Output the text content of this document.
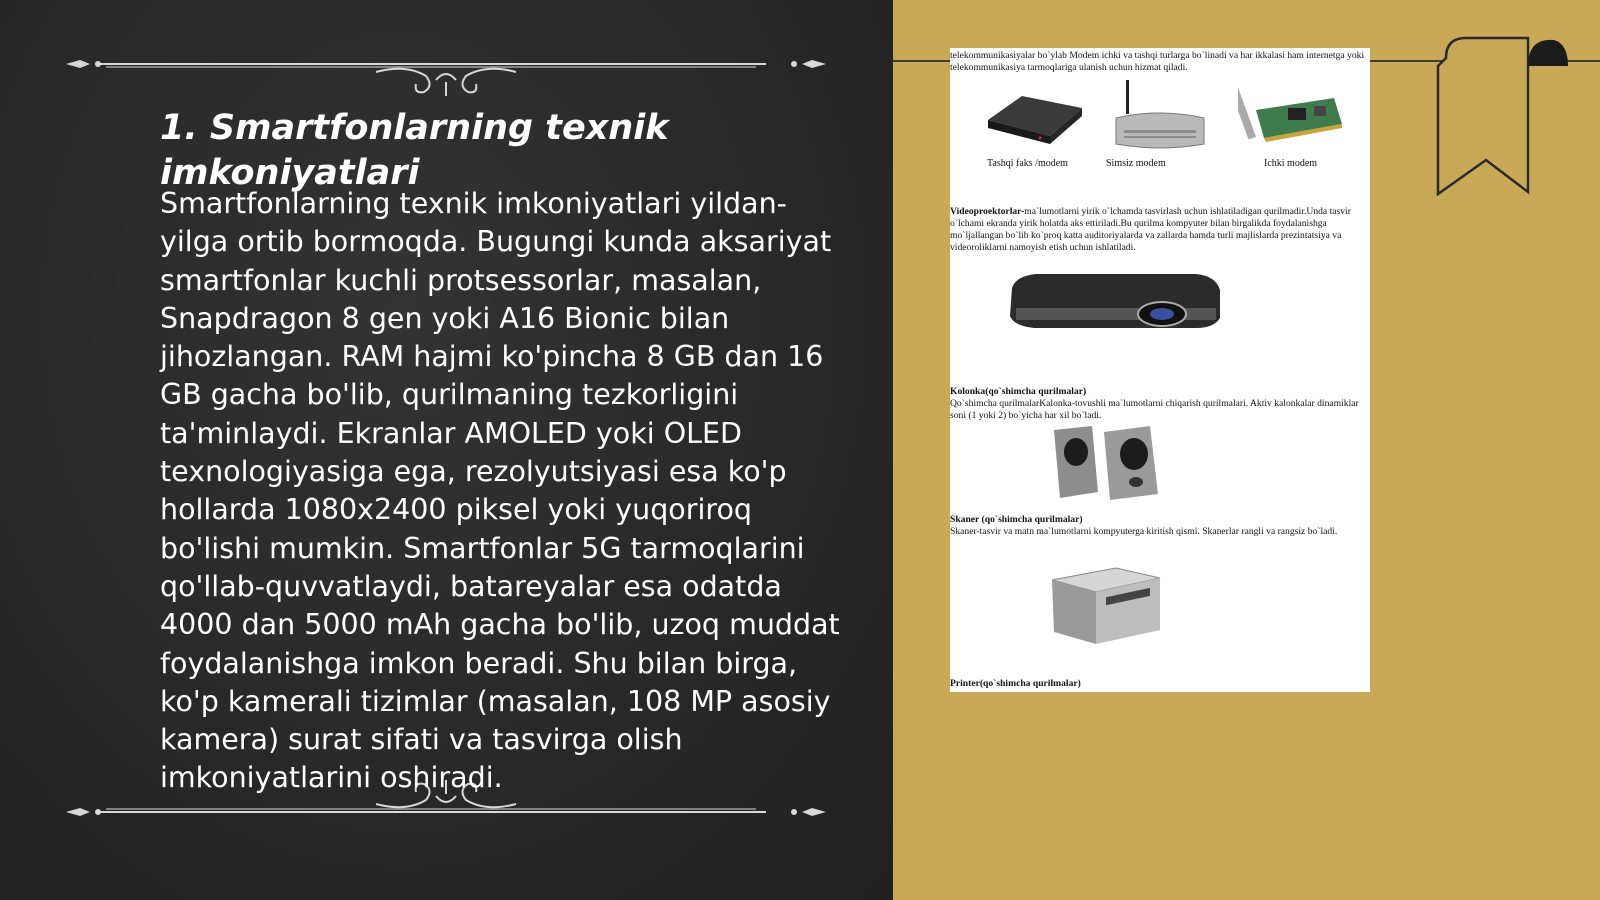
1. Smartfonlarning texnik imkoniyatlari

Smartfonlarning texnik imkoniyatlari yildan-yilga ortib bormoqda. Bugungi kunda aksariyat smartfonlar kuchli protsessorlar, masalan, Snapdragon 8 gen yoki A16 Bionic bilan jihozlangan. RAM hajmi ko'pincha 8 GB dan 16 GB gacha bo'lib, qurilmaning tezkorligini ta'minlaydi. Ekranlar AMOLED yoki OLED texnologiyasiga ega, rezolyutsiyasi esa ko'p hollarda 1080x2400 piksel yoki yuqoriroq bo'lishi mumkin. Smartfonlar 5G tarmoqlarini qo'llab-quvvatlaydi, batareyalar esa odatda 4000 dan 5000 mAh gacha bo'lib, uzoq muddat foydalanishga imkon beradi. Shu bilan birga, ko'p kamerali tizimlar (masalan, 108 MP asosiy kamera) surat sifati va tasvirga olish imkoniyatlarini oshiradi.

telekommunikasiyalar bo`ylab Modem ichki va tashqi turlarga bo`linadi va har ikkalasi ham internetga yoki telekommunikasiya tarmoqlariga ulanish uchun hizmat qiladi.

Tashqi faks /modem	Simsiz modem	Ichki modem

Videoproektorlar-ma`lumotlarni yirik o`lchamda tasvirlash uchun ishlatiladigan qurilmadir.Unda tasvir o`lchami ekranda yirik holatda aks ettiriladi.Bu qurilma kompyuter bilan birgalikda foydalanishga mo`ljallangan bo`lib ko`proq katta auditoriyalarda va zallarda hamda turli majlislarda prezintatsiya va videoroliklarni namoyish etish uchun ishlatiladi.

Kolonka(qo`shimcha qurilmalar)

Qo`shimcha qurilmalarKalonka-tovushli ma`lumotlarni chiqarish qurilmalari. Aktiv kalonkalar dinamiklar soni (1 yoki 2) bo`yicha har xil bo`ladi.

Skaner (qo`shimcha qurilmalar)

Skaner-tasvir va matn ma`lumotlarni kompyuterga kiritish qismi. Skanerlar rangli va rangsiz bo`ladi.

Printer(qo`shimcha qurilmalar)
